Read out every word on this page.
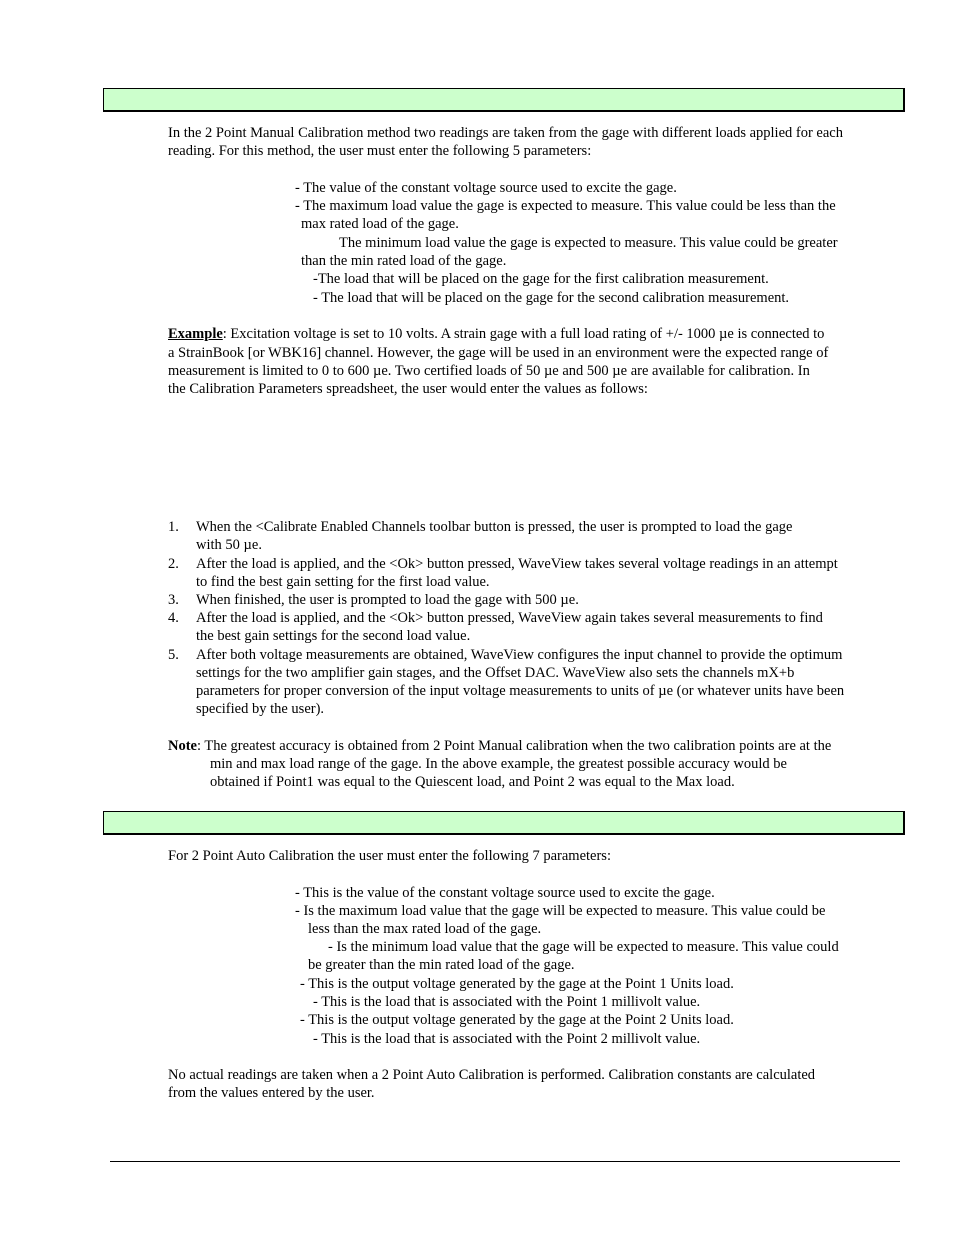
In the 2 Point Manual Calibration method two readings are taken from the gage with different loads applied for each
reading. For this method, the user must enter the following 5 parameters:
- The value of the constant voltage source used to excite the gage.
- The maximum load value the gage is expected to measure. This value could be less than the
max rated load of the gage.
The minimum load value the gage is expected to measure. This value could be greater
than the min rated load of the gage.
-The load that will be placed on the gage for the first calibration measurement.
- The load that will be placed on the gage for the second calibration measurement.
Example: Excitation voltage is set to 10 volts. A strain gage with a full load rating of +/- 1000 µe is connected to
a StrainBook [or WBK16] channel. However, the gage will be used in an environment were the expected range of
measurement is limited to 0 to 600 µe. Two certified loads of 50 µe and 500 µe are available for calibration. In
the Calibration Parameters spreadsheet, the user would enter the values as follows:
1. When the <Calibrate Enabled Channels toolbar button is pressed, the user is prompted to load the gage
with 50 µe.
2. After the load is applied, and the <Ok> button pressed, WaveView takes several voltage readings in an attempt
to find the best gain setting for the first load value.
3. When finished, the user is prompted to load the gage with 500 µe.
4. After the load is applied, and the <Ok> button pressed, WaveView again takes several measurements to find
the best gain settings for the second load value.
5. After both voltage measurements are obtained, WaveView configures the input channel to provide the optimum
settings for the two amplifier gain stages, and the Offset DAC. WaveView also sets the channels mX+b
parameters for proper conversion of the input voltage measurements to units of µe (or whatever units have been
specified by the user).
Note: The greatest accuracy is obtained from 2 Point Manual calibration when the two calibration points are at the
min and max load range of the gage. In the above example, the greatest possible accuracy would be
obtained if Point1 was equal to the Quiescent load, and Point 2 was equal to the Max load.
For 2 Point Auto Calibration the user must enter the following 7 parameters:
- This is the value of the constant voltage source used to excite the gage.
- Is the maximum load value that the gage will be expected to measure. This value could be
less than the max rated load of the gage.
- Is the minimum load value that the gage will be expected to measure. This value could
be greater than the min rated load of the gage.
- This is the output voltage generated by the gage at the Point 1 Units load.
- This is the load that is associated with the Point 1 millivolt value.
- This is the output voltage generated by the gage at the Point 2 Units load.
- This is the load that is associated with the Point 2 millivolt value.
No actual readings are taken when a 2 Point Auto Calibration is performed. Calibration constants are calculated
from the values entered by the user.
